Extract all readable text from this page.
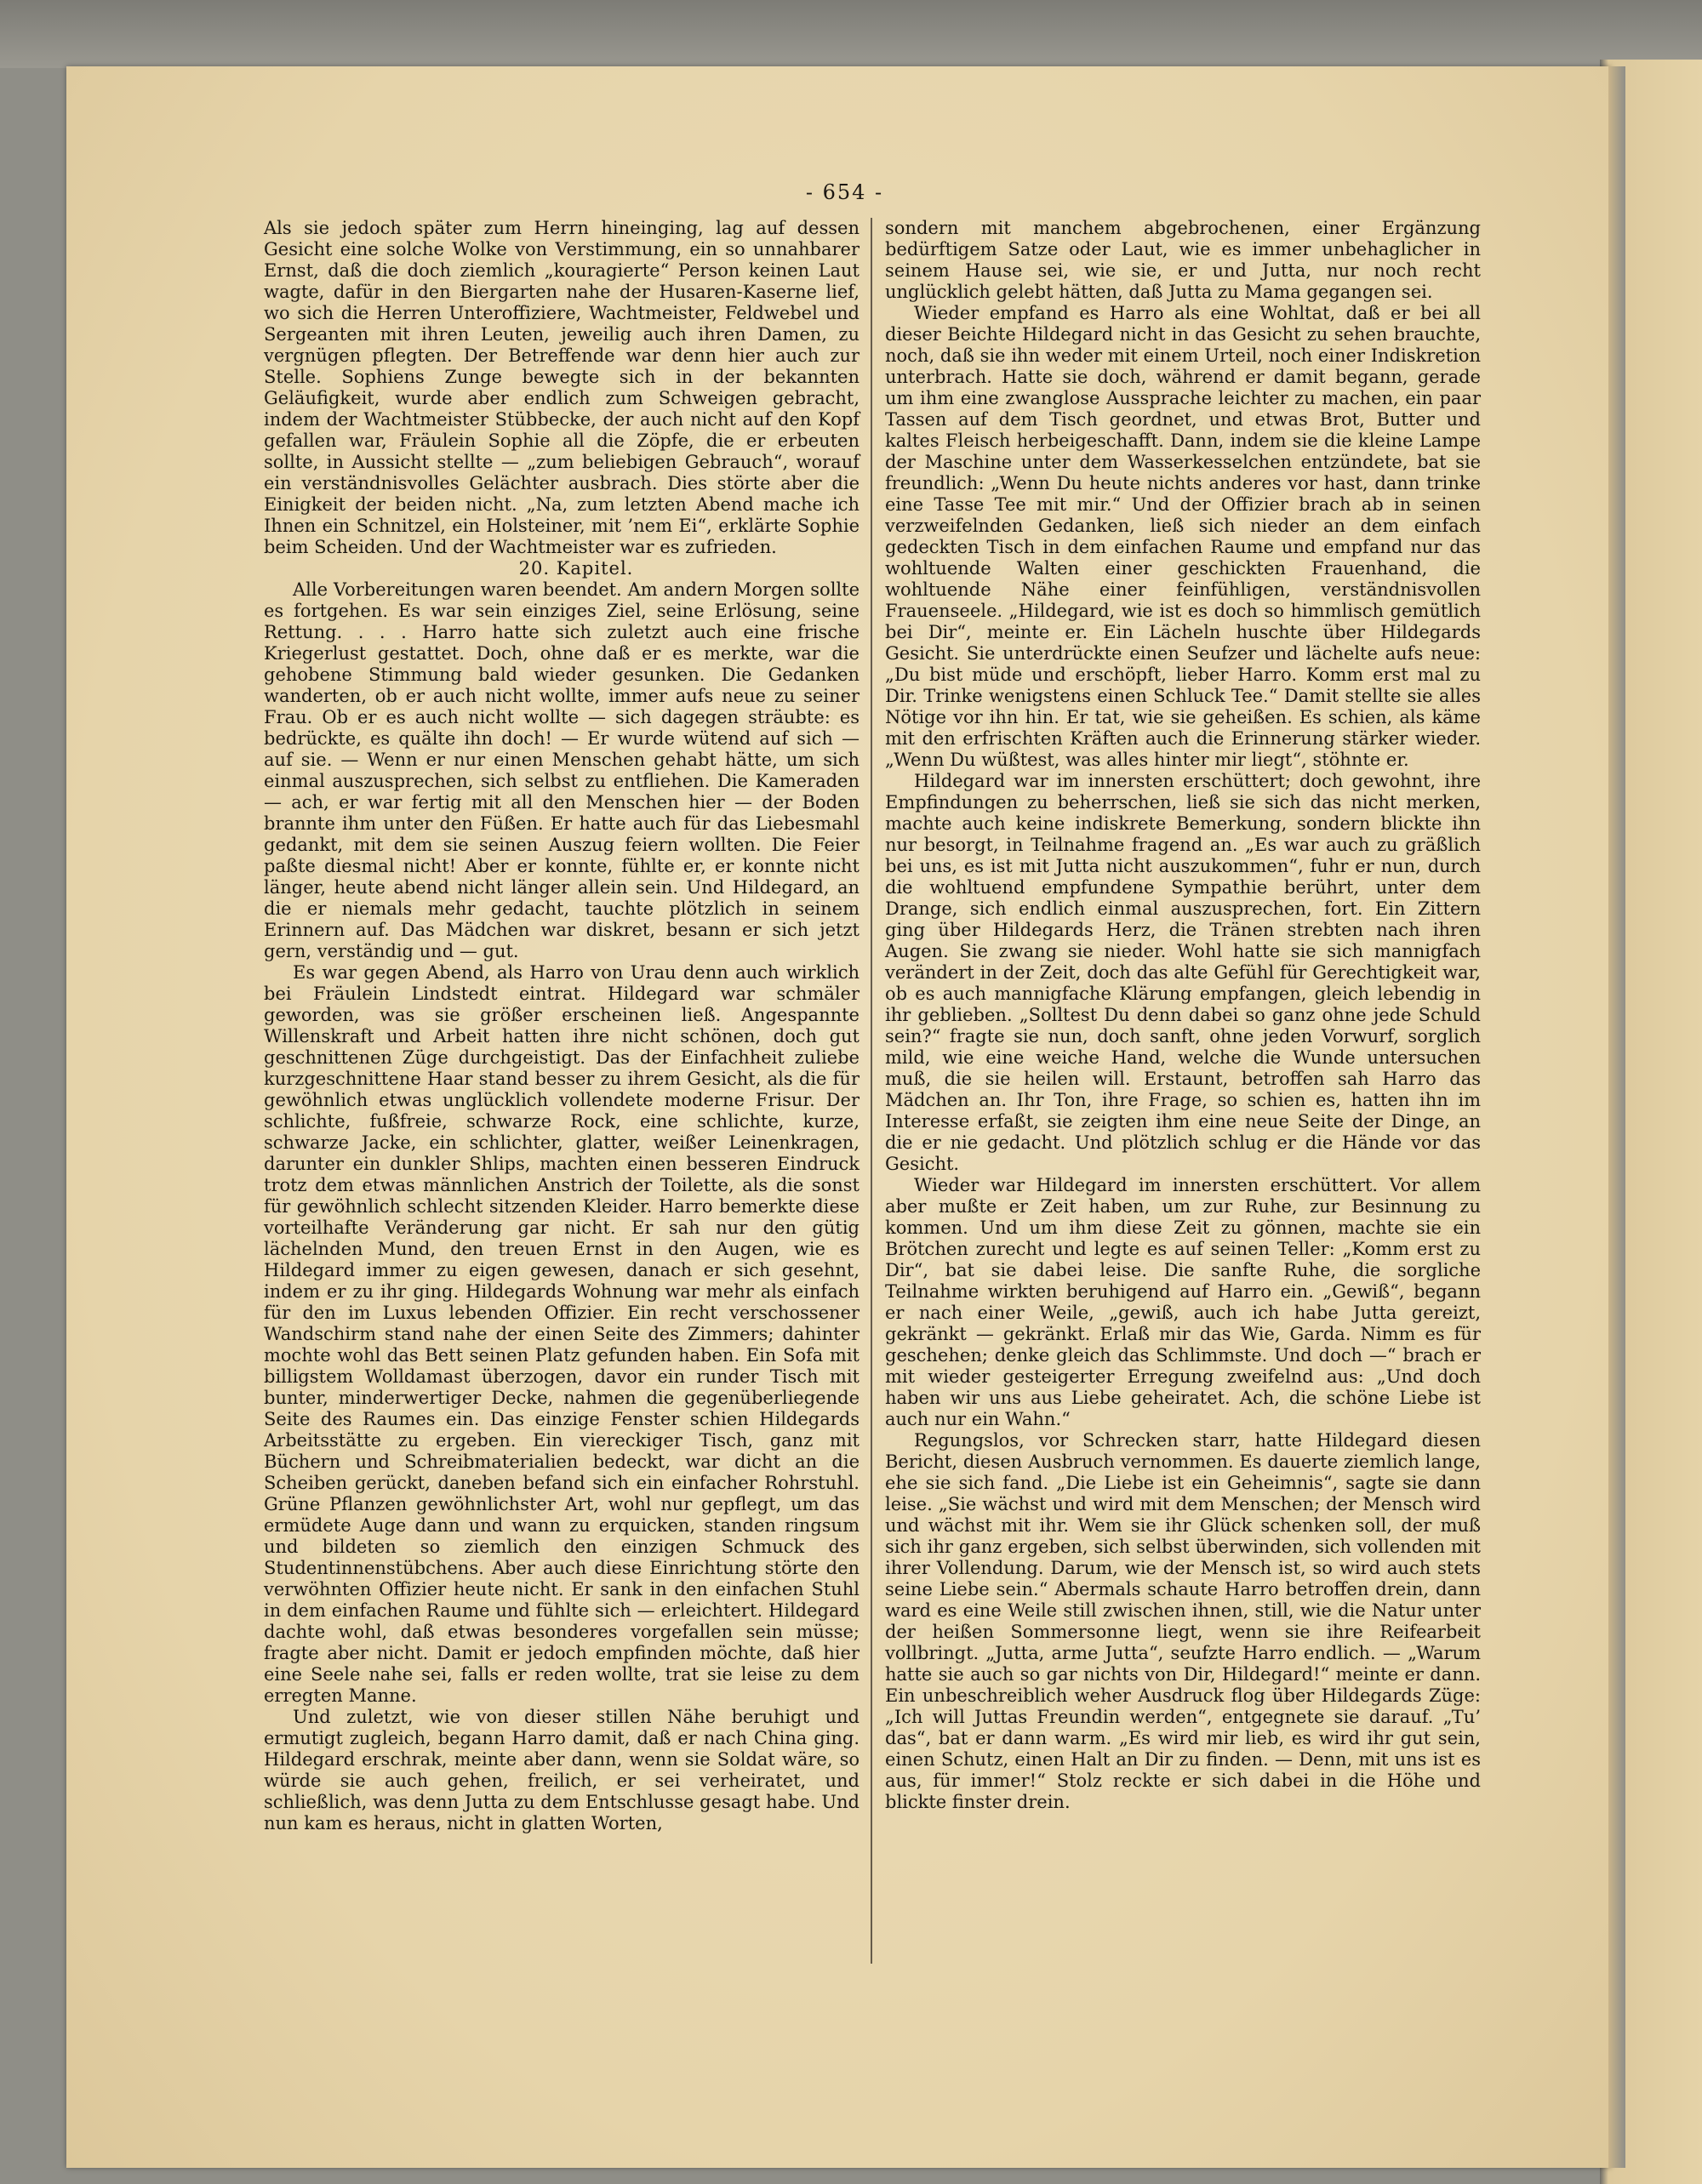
- 654 -

Als sie jedoch später zum Herrn hineinging, lag auf dessen Gesicht eine solche Wolke von Verstimmung, ein so unnahbarer Ernst, daß die doch ziemlich „kouragierte“ Person keinen Laut wagte, dafür in den Biergarten nahe der Husaren-Kaserne lief, wo sich die Herren Unteroffiziere, Wachtmeister, Feldwebel und Sergeanten mit ihren Leuten, jeweilig auch ihren Damen, zu vergnügen pflegten. Der Betreffende war denn hier auch zur Stelle. Sophiens Zunge bewegte sich in der bekannten Geläufigkeit, wurde aber endlich zum Schweigen gebracht, indem der Wachtmeister Stübbecke, der auch nicht auf den Kopf gefallen war, Fräulein Sophie all die Zöpfe, die er erbeuten sollte, in Aussicht stellte — „zum beliebigen Gebrauch“, worauf ein verständnisvolles Gelächter ausbrach. Dies störte aber die Einigkeit der beiden nicht. „Na, zum letzten Abend mache ich Ihnen ein Schnitzel, ein Holsteiner, mit ’nem Ei“, erklärte Sophie beim Scheiden. Und der Wachtmeister war es zufrieden.

20. Kapitel.

Alle Vorbereitungen waren beendet. Am andern Morgen sollte es fortgehen. Es war sein einziges Ziel, seine Erlösung, seine Rettung. . . . Harro hatte sich zuletzt auch eine frische Kriegerlust gestattet. Doch, ohne daß er es merkte, war die gehobene Stimmung bald wieder gesunken. Die Gedanken wanderten, ob er auch nicht wollte, immer aufs neue zu seiner Frau. Ob er es auch nicht wollte — sich dagegen sträubte: es bedrückte, es quälte ihn doch! — Er wurde wütend auf sich — auf sie. — Wenn er nur einen Menschen gehabt hätte, um sich einmal auszusprechen, sich selbst zu entfliehen. Die Kameraden — ach, er war fertig mit all den Menschen hier — der Boden brannte ihm unter den Füßen. Er hatte auch für das Liebesmahl gedankt, mit dem sie seinen Auszug feiern wollten. Die Feier paßte diesmal nicht! Aber er konnte, fühlte er, er konnte nicht länger, heute abend nicht länger allein sein. Und Hildegard, an die er niemals mehr gedacht, tauchte plötzlich in seinem Erinnern auf. Das Mädchen war diskret, besann er sich jetzt gern, verständig und — gut.

Es war gegen Abend, als Harro von Urau denn auch wirklich bei Fräulein Lindstedt eintrat. Hildegard war schmäler geworden, was sie größer erscheinen ließ. Angespannte Willenskraft und Arbeit hatten ihre nicht schönen, doch gut geschnittenen Züge durchgeistigt. Das der Einfachheit zuliebe kurzgeschnittene Haar stand besser zu ihrem Gesicht, als die für gewöhnlich etwas unglücklich vollendete moderne Frisur. Der schlichte, fußfreie, schwarze Rock, eine schlichte, kurze, schwarze Jacke, ein schlichter, glatter, weißer Leinenkragen, darunter ein dunkler Shlips, machten einen besseren Eindruck trotz dem etwas männlichen Anstrich der Toilette, als die sonst für gewöhnlich schlecht sitzenden Kleider. Harro bemerkte diese vorteilhafte Veränderung gar nicht. Er sah nur den gütig lächelnden Mund, den treuen Ernst in den Augen, wie es Hildegard immer zu eigen gewesen, danach er sich gesehnt, indem er zu ihr ging. Hildegards Wohnung war mehr als einfach für den im Luxus lebenden Offizier. Ein recht verschossener Wandschirm stand nahe der einen Seite des Zimmers; dahinter mochte wohl das Bett seinen Platz gefunden haben. Ein Sofa mit billigstem Wolldamast überzogen, davor ein runder Tisch mit bunter, minderwertiger Decke, nahmen die gegenüberliegende Seite des Raumes ein. Das einzige Fenster schien Hildegards Arbeitsstätte zu ergeben. Ein viereckiger Tisch, ganz mit Büchern und Schreibmaterialien bedeckt, war dicht an die Scheiben gerückt, daneben befand sich ein einfacher Rohrstuhl. Grüne Pflanzen gewöhnlichster Art, wohl nur gepflegt, um das ermüdete Auge dann und wann zu erquicken, standen ringsum und bildeten so ziemlich den einzigen Schmuck des Studentinnenstübchens. Aber auch diese Einrichtung störte den verwöhnten Offizier heute nicht. Er sank in den einfachen Stuhl in dem einfachen Raume und fühlte sich — erleichtert. Hildegard dachte wohl, daß etwas besonderes vorgefallen sein müsse; fragte aber nicht. Damit er jedoch empfinden möchte, daß hier eine Seele nahe sei, falls er reden wollte, trat sie leise zu dem erregten Manne.

Und zuletzt, wie von dieser stillen Nähe beruhigt und ermutigt zugleich, begann Harro damit, daß er nach China ging. Hildegard erschrak, meinte aber dann, wenn sie Soldat wäre, so würde sie auch gehen, freilich, er sei verheiratet, und schließlich, was denn Jutta zu dem Entschlusse gesagt habe. Und nun kam es heraus, nicht in glatten Worten,

sondern mit manchem abgebrochenen, einer Ergänzung bedürftigem Satze oder Laut, wie es immer unbehaglicher in seinem Hause sei, wie sie, er und Jutta, nur noch recht unglücklich gelebt hätten, daß Jutta zu Mama gegangen sei.

Wieder empfand es Harro als eine Wohltat, daß er bei all dieser Beichte Hildegard nicht in das Gesicht zu sehen brauchte, noch, daß sie ihn weder mit einem Urteil, noch einer Indiskretion unterbrach. Hatte sie doch, während er damit begann, gerade um ihm eine zwanglose Aussprache leichter zu machen, ein paar Tassen auf dem Tisch geordnet, und etwas Brot, Butter und kaltes Fleisch herbeigeschafft. Dann, indem sie die kleine Lampe der Maschine unter dem Wasserkesselchen entzündete, bat sie freundlich: „Wenn Du heute nichts anderes vor hast, dann trinke eine Tasse Tee mit mir.“ Und der Offizier brach ab in seinen verzweifelnden Gedanken, ließ sich nieder an dem einfach gedeckten Tisch in dem einfachen Raume und empfand nur das wohltuende Walten einer geschickten Frauenhand, die wohltuende Nähe einer feinfühligen, verständnisvollen Frauenseele. „Hildegard, wie ist es doch so himmlisch gemütlich bei Dir“, meinte er. Ein Lächeln huschte über Hildegards Gesicht. Sie unterdrückte einen Seufzer und lächelte aufs neue: „Du bist müde und erschöpft, lieber Harro. Komm erst mal zu Dir. Trinke wenigstens einen Schluck Tee.“ Damit stellte sie alles Nötige vor ihn hin. Er tat, wie sie geheißen. Es schien, als käme mit den erfrischten Kräften auch die Erinnerung stärker wieder. „Wenn Du wüßtest, was alles hinter mir liegt“, stöhnte er.

Hildegard war im innersten erschüttert; doch gewohnt, ihre Empfindungen zu beherrschen, ließ sie sich das nicht merken, machte auch keine indiskrete Bemerkung, sondern blickte ihn nur besorgt, in Teilnahme fragend an. „Es war auch zu gräßlich bei uns, es ist mit Jutta nicht auszukommen“, fuhr er nun, durch die wohltuend empfundene Sympathie berührt, unter dem Drange, sich endlich einmal auszusprechen, fort. Ein Zittern ging über Hildegards Herz, die Tränen strebten nach ihren Augen. Sie zwang sie nieder. Wohl hatte sie sich mannigfach verändert in der Zeit, doch das alte Gefühl für Gerechtigkeit war, ob es auch mannigfache Klärung empfangen, gleich lebendig in ihr geblieben. „Solltest Du denn dabei so ganz ohne jede Schuld sein?“ fragte sie nun, doch sanft, ohne jeden Vorwurf, sorglich mild, wie eine weiche Hand, welche die Wunde untersuchen muß, die sie heilen will. Erstaunt, betroffen sah Harro das Mädchen an. Ihr Ton, ihre Frage, so schien es, hatten ihn im Interesse erfaßt, sie zeigten ihm eine neue Seite der Dinge, an die er nie gedacht. Und plötzlich schlug er die Hände vor das Gesicht.

Wieder war Hildegard im innersten erschüttert. Vor allem aber mußte er Zeit haben, um zur Ruhe, zur Besinnung zu kommen. Und um ihm diese Zeit zu gönnen, machte sie ein Brötchen zurecht und legte es auf seinen Teller: „Komm erst zu Dir“, bat sie dabei leise. Die sanfte Ruhe, die sorgliche Teilnahme wirkten beruhigend auf Harro ein. „Gewiß“, begann er nach einer Weile, „gewiß, auch ich habe Jutta gereizt, gekränkt — gekränkt. Erlaß mir das Wie, Garda. Nimm es für geschehen; denke gleich das Schlimmste. Und doch —“ brach er mit wieder gesteigerter Erregung zweifelnd aus: „Und doch haben wir uns aus Liebe geheiratet. Ach, die schöne Liebe ist auch nur ein Wahn.“

Regungslos, vor Schrecken starr, hatte Hildegard diesen Bericht, diesen Ausbruch vernommen. Es dauerte ziemlich lange, ehe sie sich fand. „Die Liebe ist ein Geheimnis“, sagte sie dann leise. „Sie wächst und wird mit dem Menschen; der Mensch wird und wächst mit ihr. Wem sie ihr Glück schenken soll, der muß sich ihr ganz ergeben, sich selbst überwinden, sich vollenden mit ihrer Vollendung. Darum, wie der Mensch ist, so wird auch stets seine Liebe sein.“ Abermals schaute Harro betroffen drein, dann ward es eine Weile still zwischen ihnen, still, wie die Natur unter der heißen Sommersonne liegt, wenn sie ihre Reifearbeit vollbringt. „Jutta, arme Jutta“, seufzte Harro endlich. — „Warum hatte sie auch so gar nichts von Dir, Hildegard!“ meinte er dann. Ein unbeschreiblich weher Ausdruck flog über Hildegards Züge: „Ich will Juttas Freundin werden“, entgegnete sie darauf. „Tu’ das“, bat er dann warm. „Es wird mir lieb, es wird ihr gut sein, einen Schutz, einen Halt an Dir zu finden. — Denn, mit uns ist es aus, für immer!“ Stolz reckte er sich dabei in die Höhe und blickte finster drein.
